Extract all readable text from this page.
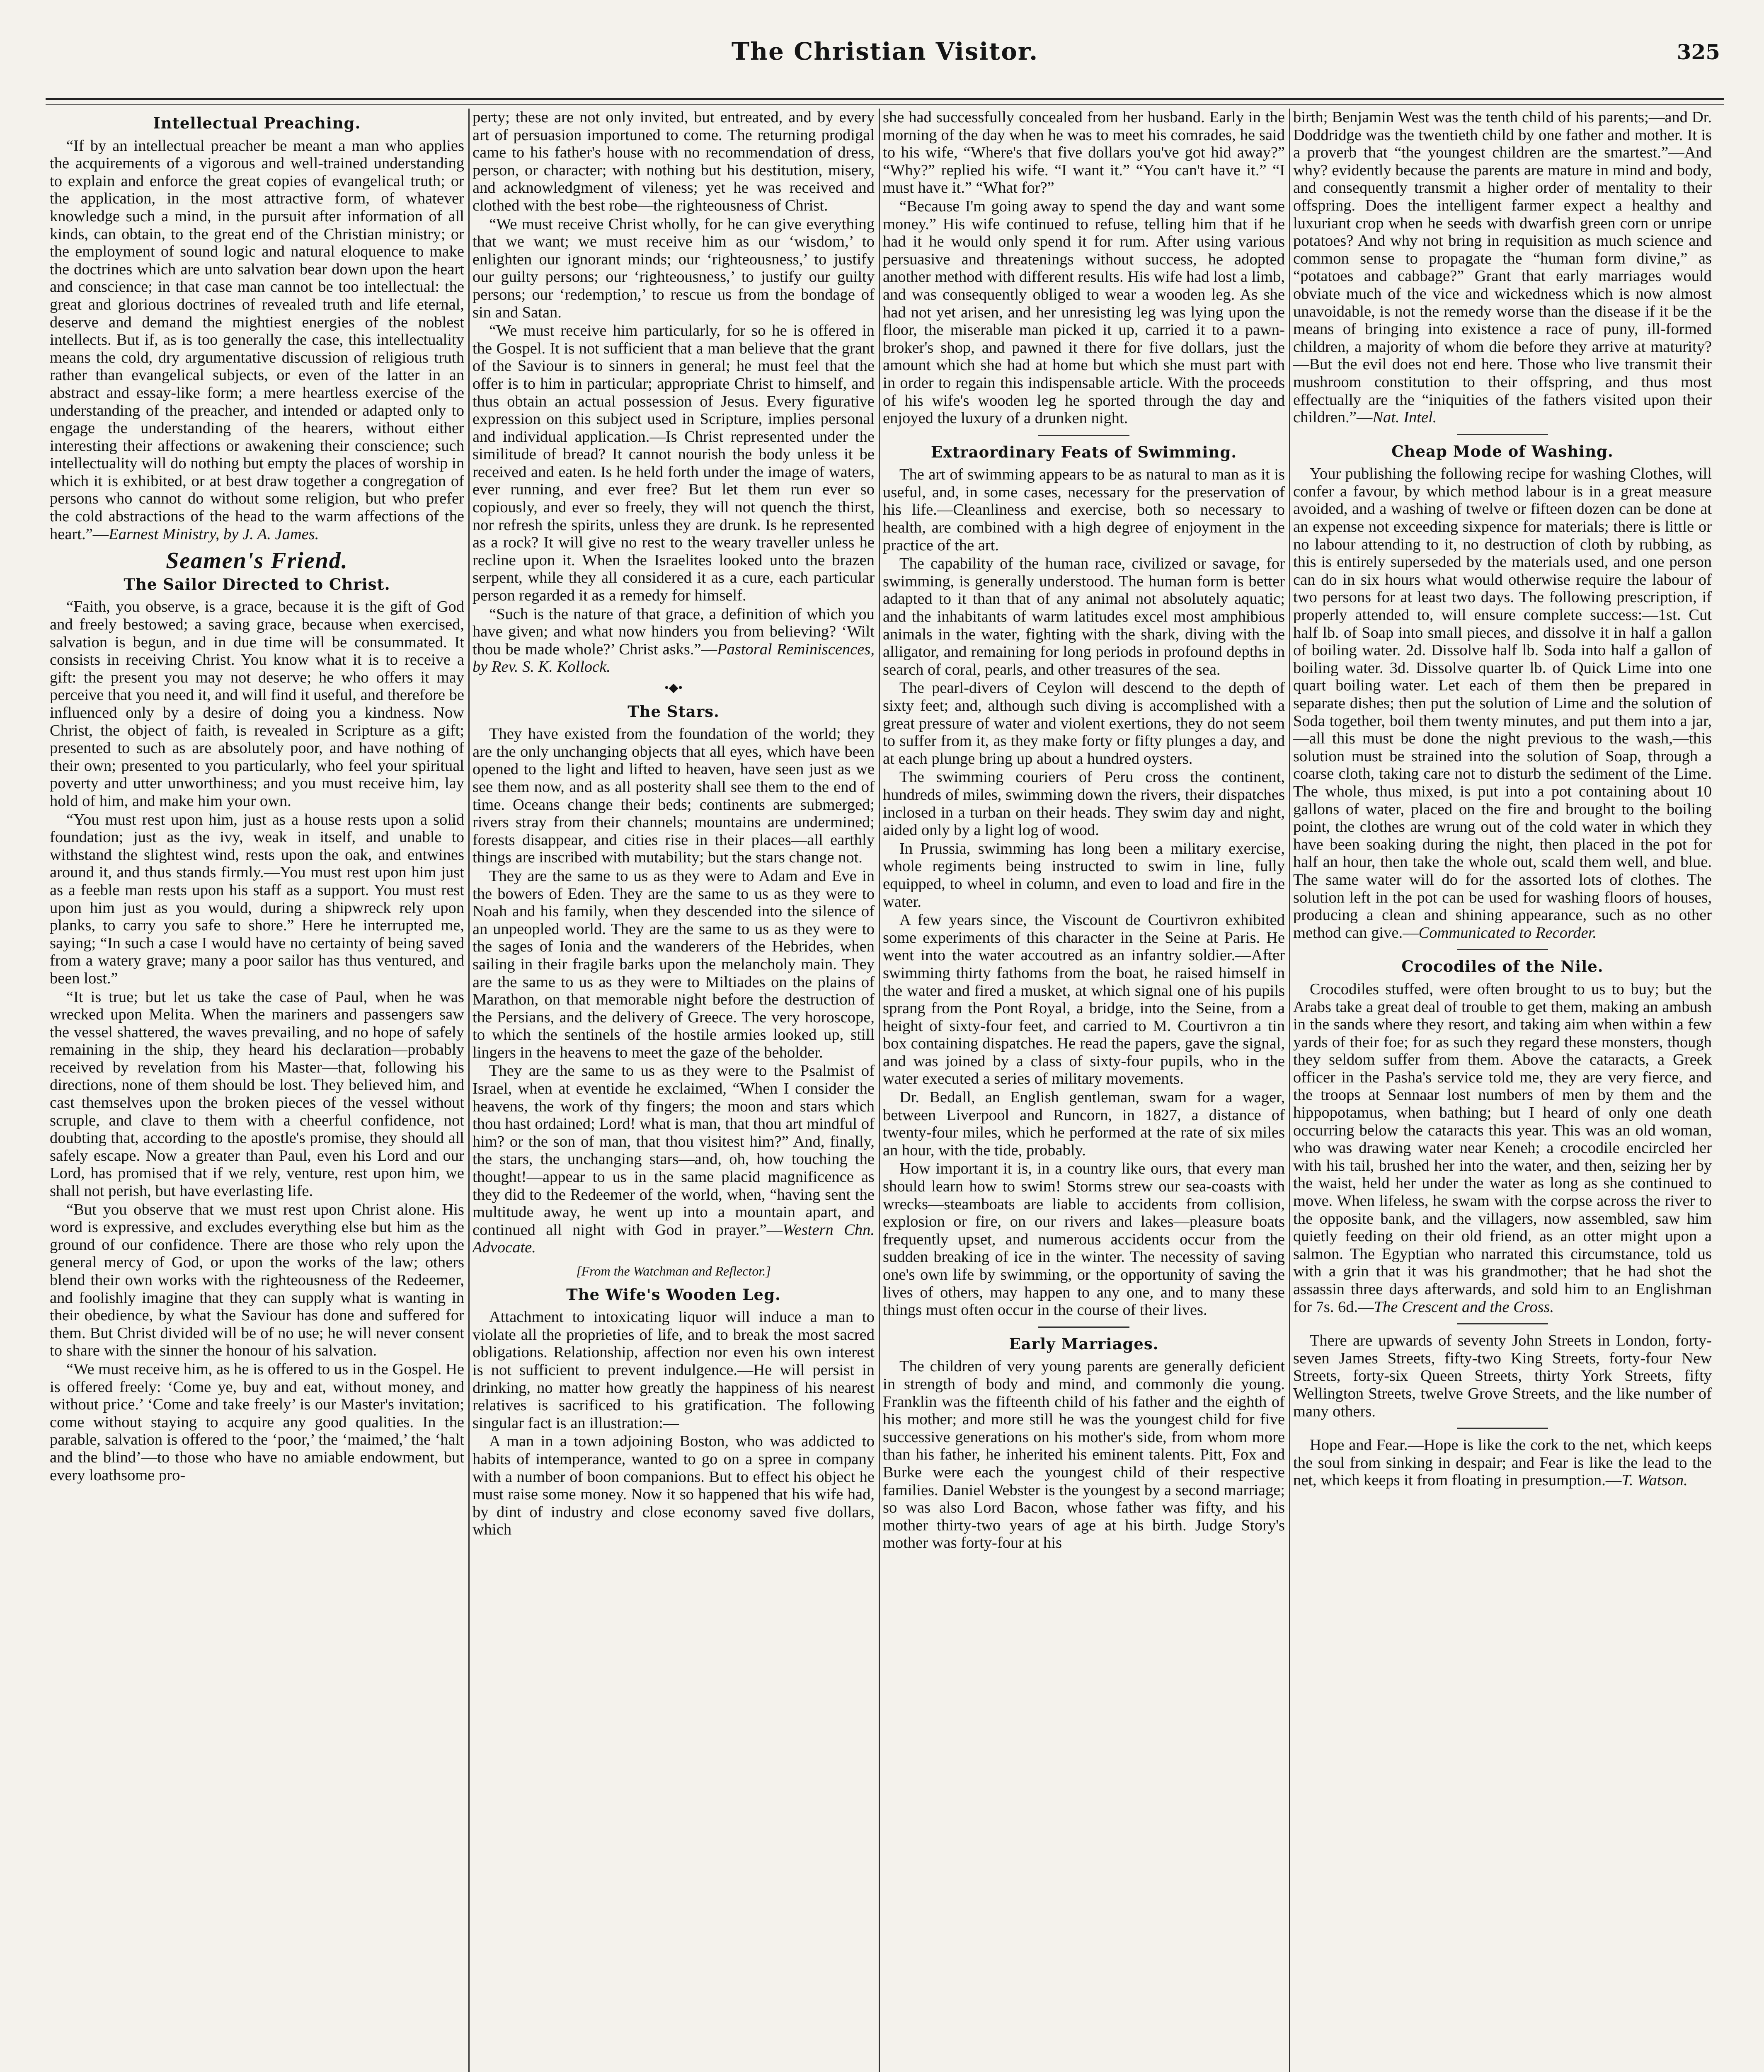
The Christian Visitor.	325
Intellectual Preaching.

“If by an intellectual preacher be meant a man who applies the acquirements of a vigorous and well-trained understanding to explain and enforce the great copies of evangelical truth; or the application, in the most attractive form, of whatever knowledge such a mind, in the pursuit after information of all kinds, can obtain, to the great end of the Christian ministry; or the employment of sound logic and natural eloquence to make the doctrines which are unto salvation bear down upon the heart and conscience; in that case man cannot be too intellectual: the great and glorious doctrines of revealed truth and life eternal, deserve and demand the mightiest energies of the noblest intellects. But if, as is too generally the case, this intellectuality means the cold, dry argumentative discussion of religious truth rather than evangelical subjects, or even of the latter in an abstract and essay-like form; a mere heartless exercise of the understanding of the preacher, and intended or adapted only to engage the understanding of the hearers, without either interesting their affections or awakening their conscience; such intellectuality will do nothing but empty the places of worship in which it is exhibited, or at best draw together a congregation of persons who cannot do without some religion, but who prefer the cold abstractions of the head to the warm affections of the heart.”—Earnest Ministry, by J. A. James.

Seamen's Friend.
The Sailor Directed to Christ.

“Faith, you observe, is a grace, because it is the gift of God and freely bestowed; a saving grace, because when exercised, salvation is begun, and in due time will be consummated. It consists in receiving Christ. You know what it is to receive a gift: the present you may not deserve; he who offers it may perceive that you need it, and will find it useful, and therefore be influenced only by a desire of doing you a kindness. Now Christ, the object of faith, is revealed in Scripture as a gift; presented to such as are absolutely poor, and have nothing of their own; presented to you particularly, who feel your spiritual poverty and utter unworthiness; and you must receive him, lay hold of him, and make him your own.

“You must rest upon him, just as a house rests upon a solid foundation; just as the ivy, weak in itself, and unable to withstand the slightest wind, rests upon the oak, and entwines around it, and thus stands firmly.—You must rest upon him just as a feeble man rests upon his staff as a support. You must rest upon him just as you would, during a shipwreck rely upon planks, to carry you safe to shore.” Here he interrupted me, saying; “In such a case I would have no certainty of being saved from a watery grave; many a poor sailor has thus ventured, and been lost.”

“It is true; but let us take the case of Paul, when he was wrecked upon Melita. When the mariners and passengers saw the vessel shattered, the waves prevailing, and no hope of safely remaining in the ship, they heard his declaration—probably received by revelation from his Master—that, following his directions, none of them should be lost. They believed him, and cast themselves upon the broken pieces of the vessel without scruple, and clave to them with a cheerful confidence, not doubting that, according to the apostle's promise, they should all safely escape. Now a greater than Paul, even his Lord and our Lord, has promised that if we rely, venture, rest upon him, we shall not perish, but have everlasting life.

“But you observe that we must rest upon Christ alone. His word is expressive, and excludes everything else but him as the ground of our confidence. There are those who rely upon the general mercy of God, or upon the works of the law; others blend their own works with the righteousness of the Redeemer, and foolishly imagine that they can supply what is wanting in their obedience, by what the Saviour has done and suffered for them. But Christ divided will be of no use; he will never consent to share with the sinner the honour of his salvation.

“We must receive him, as he is offered to us in the Gospel. He is offered freely: ‘Come ye, buy and eat, without money, and without price.’ ‘Come and take freely’ is our Master's invitation; come without staying to acquire any good qualities. In the parable, salvation is offered to the ‘poor,’ the ‘maimed,’ the ‘halt and the blind’—to those who have no amiable endowment, but every loathsome pro-

perty; these are not only invited, but entreated, and by every art of persuasion importuned to come. The returning prodigal came to his father's house with no recommendation of dress, person, or character; with nothing but his destitution, misery, and acknowledgment of vileness; yet he was received and clothed with the best robe—the righteousness of Christ.

“We must receive Christ wholly, for he can give everything that we want; we must receive him as our ‘wisdom,’ to enlighten our ignorant minds; our ‘righteousness,’ to justify our guilty persons; our ‘righteousness,’ to justify our guilty persons; our ‘redemption,’ to rescue us from the bondage of sin and Satan.

“We must receive him particularly, for so he is offered in the Gospel. It is not sufficient that a man believe that the grant of the Saviour is to sinners in general; he must feel that the offer is to him in particular; appropriate Christ to himself, and thus obtain an actual possession of Jesus. Every figurative expression on this subject used in Scripture, implies personal and individual application.—Is Christ represented under the similitude of bread? It cannot nourish the body unless it be received and eaten. Is he held forth under the image of waters, ever running, and ever free? But let them run ever so copiously, and ever so freely, they will not quench the thirst, nor refresh the spirits, unless they are drunk. Is he represented as a rock? It will give no rest to the weary traveller unless he recline upon it. When the Israelites looked unto the brazen serpent, while they all considered it as a cure, each particular person regarded it as a remedy for himself.

“Such is the nature of that grace, a definition of which you have given; and what now hinders you from believing? ‘Wilt thou be made whole?’ Christ asks.”—Pastoral Reminiscences, by Rev. S. K. Kollock.

•◆•
The Stars.

They have existed from the foundation of the world; they are the only unchanging objects that all eyes, which have been opened to the light and lifted to heaven, have seen just as we see them now, and as all posterity shall see them to the end of time. Oceans change their beds; continents are submerged; rivers stray from their channels; mountains are undermined; forests disappear, and cities rise in their places—all earthly things are inscribed with mutability; but the stars change not.

They are the same to us as they were to Adam and Eve in the bowers of Eden. They are the same to us as they were to Noah and his family, when they descended into the silence of an unpeopled world. They are the same to us as they were to the sages of Ionia and the wanderers of the Hebrides, when sailing in their fragile barks upon the melancholy main. They are the same to us as they were to Miltiades on the plains of Marathon, on that memorable night before the destruction of the Persians, and the delivery of Greece. The very horoscope, to which the sentinels of the hostile armies looked up, still lingers in the heavens to meet the gaze of the beholder.

They are the same to us as they were to the Psalmist of Israel, when at eventide he exclaimed, “When I consider the heavens, the work of thy fingers; the moon and stars which thou hast ordained; Lord! what is man, that thou art mindful of him? or the son of man, that thou visitest him?” And, finally, the stars, the unchanging stars—and, oh, how touching the thought!—appear to us in the same placid magnificence as they did to the Redeemer of the world, when, “having sent the multitude away, he went up into a mountain apart, and continued all night with God in prayer.”—Western Chn. Advocate.

[From the Watchman and Reflector.]
The Wife's Wooden Leg.

Attachment to intoxicating liquor will induce a man to violate all the proprieties of life, and to break the most sacred obligations. Relationship, affection nor even his own interest is not sufficient to prevent indulgence.—He will persist in drinking, no matter how greatly the happiness of his nearest relatives is sacrificed to his gratification. The following singular fact is an illustration:—

A man in a town adjoining Boston, who was addicted to habits of intemperance, wanted to go on a spree in company with a number of boon companions. But to effect his object he must raise some money. Now it so happened that his wife had, by dint of industry and close economy saved five dollars, which

she had successfully concealed from her husband. Early in the morning of the day when he was to meet his comrades, he said to his wife, “Where's that five dollars you've got hid away?” “Why?” replied his wife. “I want it.” “You can't have it.” “I must have it.” “What for?”

“Because I'm going away to spend the day and want some money.” His wife continued to refuse, telling him that if he had it he would only spend it for rum. After using various persuasive and threatenings without success, he adopted another method with different results. His wife had lost a limb, and was consequently obliged to wear a wooden leg. As she had not yet arisen, and her unresisting leg was lying upon the floor, the miserable man picked it up, carried it to a pawn-broker's shop, and pawned it there for five dollars, just the amount which she had at home but which she must part with in order to regain this indispensable article. With the proceeds of his wife's wooden leg he sported through the day and enjoyed the luxury of a drunken night.

Extraordinary Feats of Swimming.

The art of swimming appears to be as natural to man as it is useful, and, in some cases, necessary for the preservation of his life.—Cleanliness and exercise, both so necessary to health, are combined with a high degree of enjoyment in the practice of the art.

The capability of the human race, civilized or savage, for swimming, is generally understood. The human form is better adapted to it than that of any animal not absolutely aquatic; and the inhabitants of warm latitudes excel most amphibious animals in the water, fighting with the shark, diving with the alligator, and remaining for long periods in profound depths in search of coral, pearls, and other treasures of the sea.

The pearl-divers of Ceylon will descend to the depth of sixty feet; and, although such diving is accomplished with a great pressure of water and violent exertions, they do not seem to suffer from it, as they make forty or fifty plunges a day, and at each plunge bring up about a hundred oysters.

The swimming couriers of Peru cross the continent, hundreds of miles, swimming down the rivers, their dispatches inclosed in a turban on their heads. They swim day and night, aided only by a light log of wood.

In Prussia, swimming has long been a military exercise, whole regiments being instructed to swim in line, fully equipped, to wheel in column, and even to load and fire in the water.

A few years since, the Viscount de Courtivron exhibited some experiments of this character in the Seine at Paris. He went into the water accoutred as an infantry soldier.—After swimming thirty fathoms from the boat, he raised himself in the water and fired a musket, at which signal one of his pupils sprang from the Pont Royal, a bridge, into the Seine, from a height of sixty-four feet, and carried to M. Courtivron a tin box containing dispatches. He read the papers, gave the signal, and was joined by a class of sixty-four pupils, who in the water executed a series of military movements.

Dr. Bedall, an English gentleman, swam for a wager, between Liverpool and Runcorn, in 1827, a distance of twenty-four miles, which he performed at the rate of six miles an hour, with the tide, probably.

How important it is, in a country like ours, that every man should learn how to swim! Storms strew our sea-coasts with wrecks—steamboats are liable to accidents from collision, explosion or fire, on our rivers and lakes—pleasure boats frequently upset, and numerous accidents occur from the sudden breaking of ice in the winter. The necessity of saving one's own life by swimming, or the opportunity of saving the lives of others, may happen to any one, and to many these things must often occur in the course of their lives.

Early Marriages.

The children of very young parents are generally deficient in strength of body and mind, and commonly die young. Franklin was the fifteenth child of his father and the eighth of his mother; and more still he was the youngest child for five successive generations on his mother's side, from whom more than his father, he inherited his eminent talents. Pitt, Fox and Burke were each the youngest child of their respective families. Daniel Webster is the youngest by a second marriage; so was also Lord Bacon, whose father was fifty, and his mother thirty-two years of age at his birth. Judge Story's mother was forty-four at his

birth; Benjamin West was the tenth child of his parents;—and Dr. Doddridge was the twentieth child by one father and mother. It is a proverb that “the youngest children are the smartest.”—And why? evidently because the parents are mature in mind and body, and consequently transmit a higher order of mentality to their offspring. Does the intelligent farmer expect a healthy and luxuriant crop when he seeds with dwarfish green corn or unripe potatoes? And why not bring in requisition as much science and common sense to propagate the “human form divine,” as “potatoes and cabbage?” Grant that early marriages would obviate much of the vice and wickedness which is now almost unavoidable, is not the remedy worse than the disease if it be the means of bringing into existence a race of puny, ill-formed children, a majority of whom die before they arrive at maturity?—But the evil does not end here. Those who live transmit their mushroom constitution to their offspring, and thus most effectually are the “iniquities of the fathers visited upon their children.”—Nat. Intel.

Cheap Mode of Washing.

Your publishing the following recipe for washing Clothes, will confer a favour, by which method labour is in a great measure avoided, and a washing of twelve or fifteen dozen can be done at an expense not exceeding sixpence for materials; there is little or no labour attending to it, no destruction of cloth by rubbing, as this is entirely superseded by the materials used, and one person can do in six hours what would otherwise require the labour of two persons for at least two days. The following prescription, if properly attended to, will ensure complete success:—1st. Cut half lb. of Soap into small pieces, and dissolve it in half a gallon of boiling water. 2d. Dissolve half lb. Soda into half a gallon of boiling water. 3d. Dissolve quarter lb. of Quick Lime into one quart boiling water. Let each of them then be prepared in separate dishes; then put the solution of Lime and the solution of Soda together, boil them twenty minutes, and put them into a jar,—all this must be done the night previous to the wash,—this solution must be strained into the solution of Soap, through a coarse cloth, taking care not to disturb the sediment of the Lime. The whole, thus mixed, is put into a pot containing about 10 gallons of water, placed on the fire and brought to the boiling point, the clothes are wrung out of the cold water in which they have been soaking during the night, then placed in the pot for half an hour, then take the whole out, scald them well, and blue. The same water will do for the assorted lots of clothes. The solution left in the pot can be used for washing floors of houses, producing a clean and shining appearance, such as no other method can give.—Communicated to Recorder.

Crocodiles of the Nile.

Crocodiles stuffed, were often brought to us to buy; but the Arabs take a great deal of trouble to get them, making an ambush in the sands where they resort, and taking aim when within a few yards of their foe; for as such they regard these monsters, though they seldom suffer from them. Above the cataracts, a Greek officer in the Pasha's service told me, they are very fierce, and the troops at Sennaar lost numbers of men by them and the hippopotamus, when bathing; but I heard of only one death occurring below the cataracts this year. This was an old woman, who was drawing water near Keneh; a crocodile encircled her with his tail, brushed her into the water, and then, seizing her by the waist, held her under the water as long as she continued to move. When lifeless, he swam with the corpse across the river to the opposite bank, and the villagers, now assembled, saw him quietly feeding on their old friend, as an otter might upon a salmon. The Egyptian who narrated this circumstance, told us with a grin that it was his grandmother; that he had shot the assassin three days afterwards, and sold him to an Englishman for 7s. 6d.—The Crescent and the Cross.

There are upwards of seventy John Streets in London, forty-seven James Streets, fifty-two King Streets, forty-four New Streets, forty-six Queen Streets, thirty York Streets, fifty Wellington Streets, twelve Grove Streets, and the like number of many others.

Hope and Fear.—Hope is like the cork to the net, which keeps the soul from sinking in despair; and Fear is like the lead to the net, which keeps it from floating in presumption.—T. Watson.
